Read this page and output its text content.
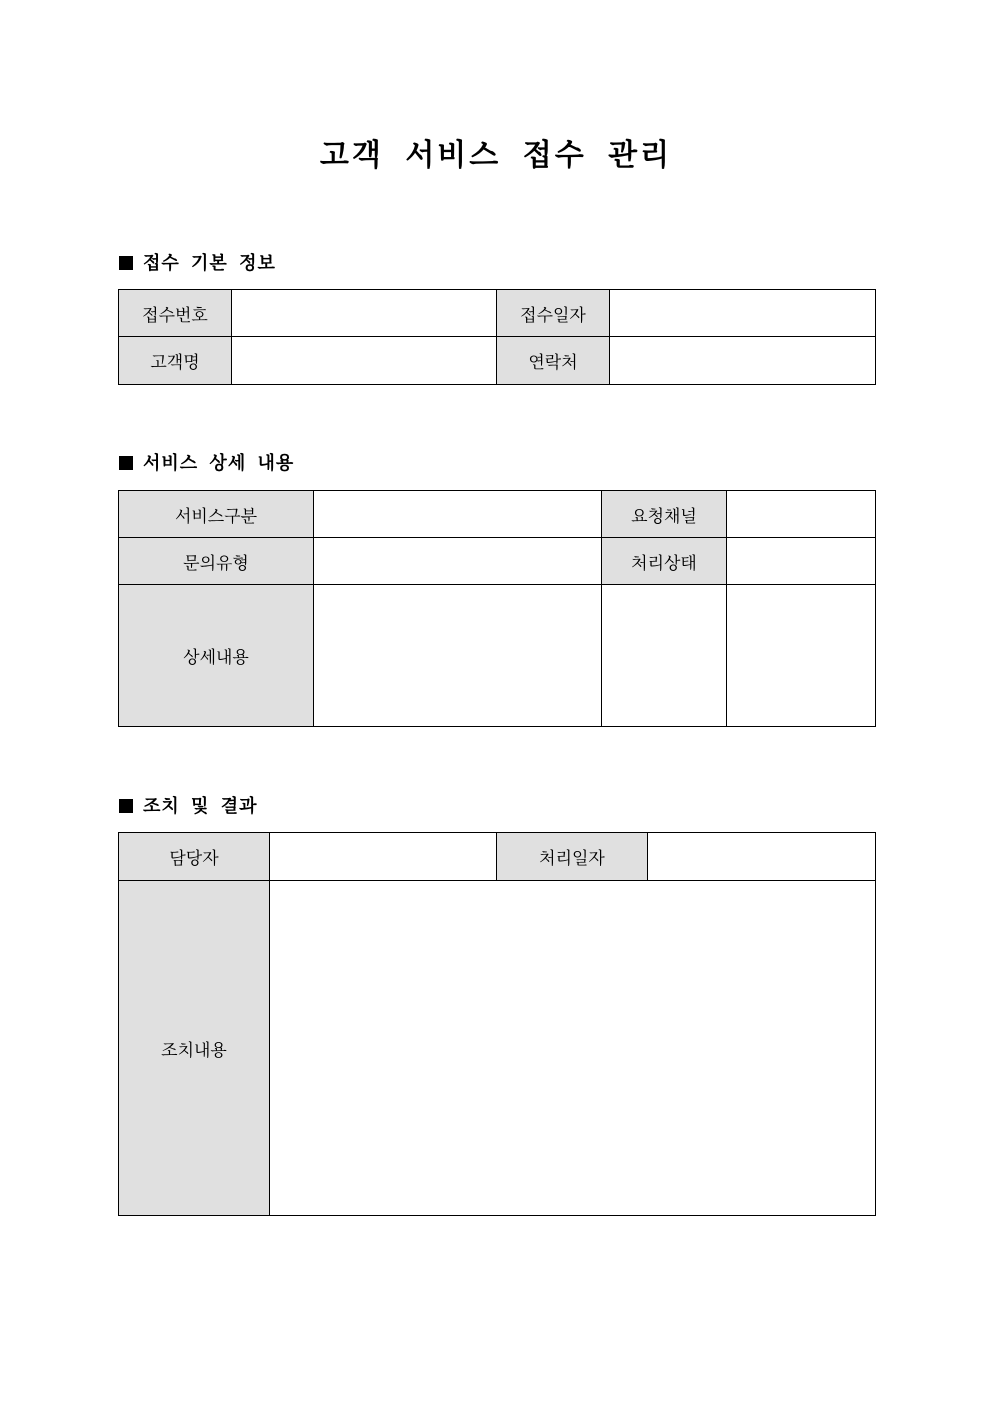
고객 서비스 접수 관리
접수 기본 정보
접수번호		접수일자	
고객명		연락처	
서비스 상세 내용
서비스구분		요청채널	
문의유형		처리상태	
상세내용			
조치 및 결과
담당자		처리일자	
조치내용			
